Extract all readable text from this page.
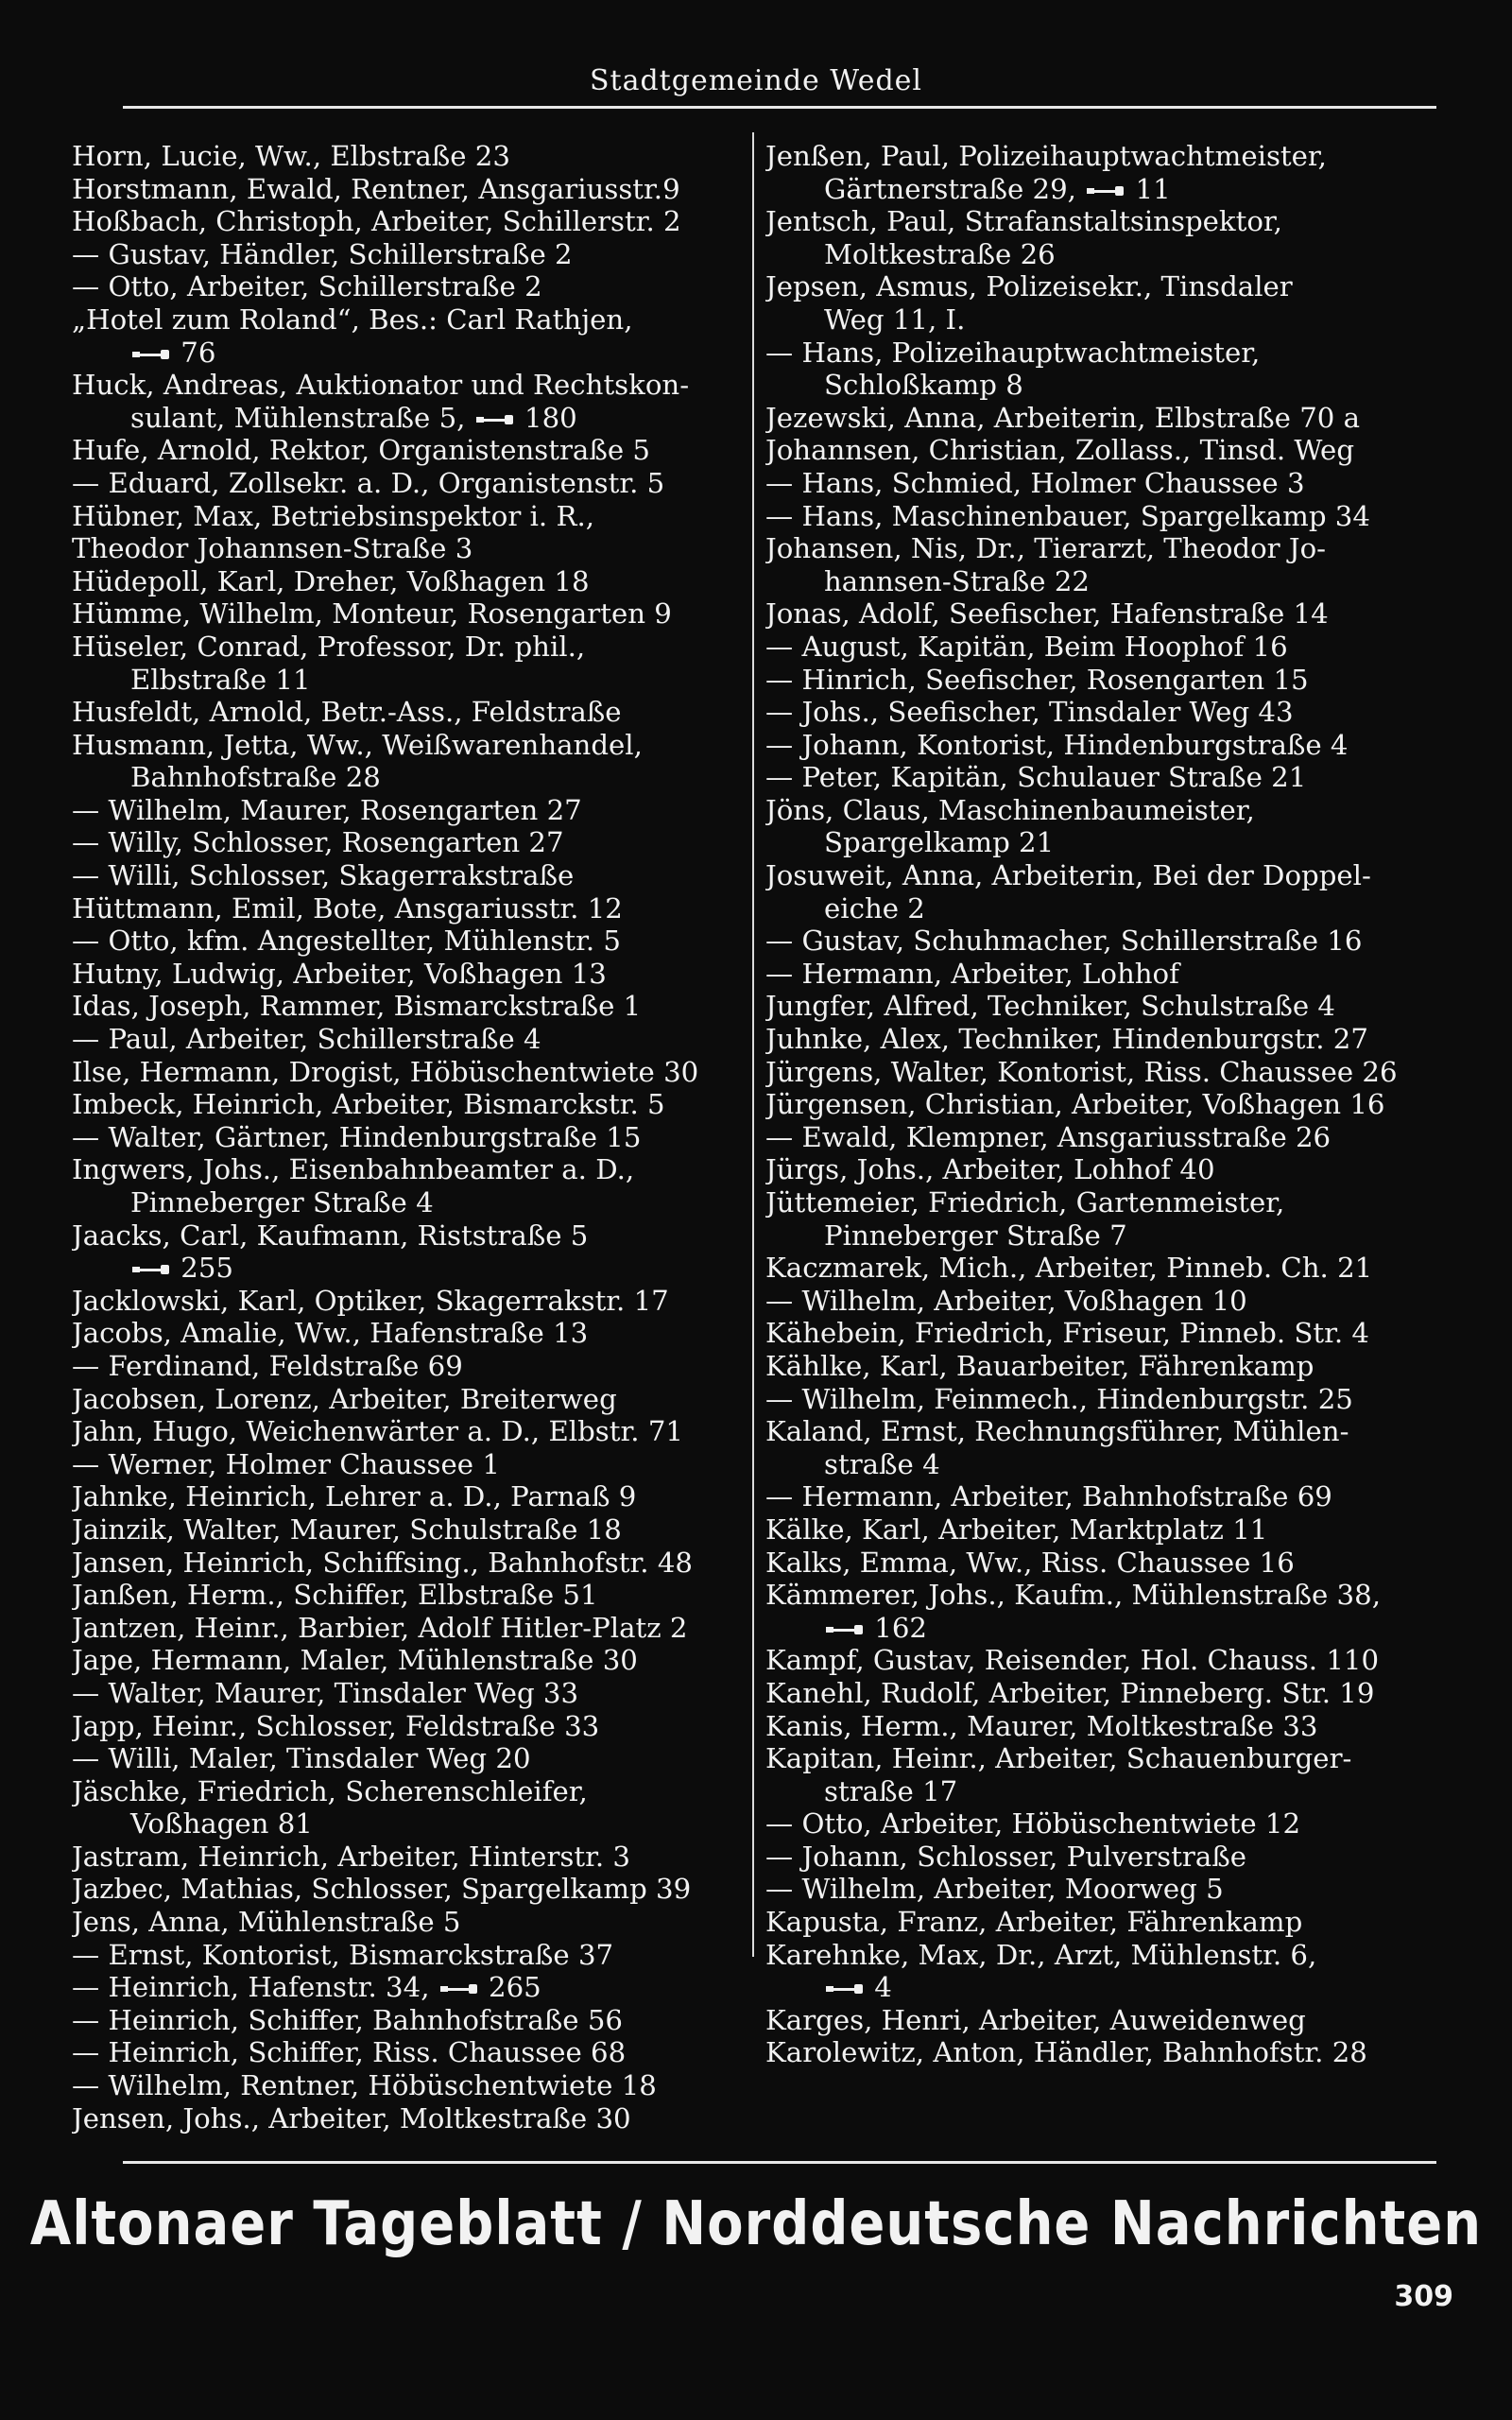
Stadtgemeinde Wedel
Horn, Lucie, Ww., Elbstraße 23
Horstmann, Ewald, Rentner, Ansgariusstr.9
Hoßbach, Christoph, Arbeiter, Schillerstr. 2
— Gustav, Händler, Schillerstraße 2
— Otto, Arbeiter, Schillerstraße 2
„Hotel zum Roland“, Bes.: Carl Rathjen,
76
Huck, Andreas, Auktionator und Rechtskon-
sulant, Mühlenstraße 5, 180
Hufe, Arnold, Rektor, Organistenstraße 5
— Eduard, Zollsekr. a. D., Organistenstr. 5
Hübner, Max, Betriebsinspektor i. R.,
Theodor Johannsen-Straße 3
Hüdepoll, Karl, Dreher, Voßhagen 18
Hümme, Wilhelm, Monteur, Rosengarten 9
Hüseler, Conrad, Professor, Dr. phil.,
Elbstraße 11
Husfeldt, Arnold, Betr.-Ass., Feldstraße
Husmann, Jetta, Ww., Weißwarenhandel,
Bahnhofstraße 28
— Wilhelm, Maurer, Rosengarten 27
— Willy, Schlosser, Rosengarten 27
— Willi, Schlosser, Skagerrakstraße
Hüttmann, Emil, Bote, Ansgariusstr. 12
— Otto, kfm. Angestellter, Mühlenstr. 5
Hutny, Ludwig, Arbeiter, Voßhagen 13
Idas, Joseph, Rammer, Bismarckstraße 1
— Paul, Arbeiter, Schillerstraße 4
Ilse, Hermann, Drogist, Höbüschentwiete 30
Imbeck, Heinrich, Arbeiter, Bismarckstr. 5
— Walter, Gärtner, Hindenburgstraße 15
Ingwers, Johs., Eisenbahnbeamter a. D.,
Pinneberger Straße 4
Jaacks, Carl, Kaufmann, Riststraße 5
255
Jacklowski, Karl, Optiker, Skagerrakstr. 17
Jacobs, Amalie, Ww., Hafenstraße 13
— Ferdinand, Feldstraße 69
Jacobsen, Lorenz, Arbeiter, Breiterweg
Jahn, Hugo, Weichenwärter a. D., Elbstr. 71
— Werner, Holmer Chaussee 1
Jahnke, Heinrich, Lehrer a. D., Parnaß 9
Jainzik, Walter, Maurer, Schulstraße 18
Jansen, Heinrich, Schiffsing., Bahnhofstr. 48
Janßen, Herm., Schiffer, Elbstraße 51
Jantzen, Heinr., Barbier, Adolf Hitler-Platz 2
Jape, Hermann, Maler, Mühlenstraße 30
— Walter, Maurer, Tinsdaler Weg 33
Japp, Heinr., Schlosser, Feldstraße 33
— Willi, Maler, Tinsdaler Weg 20
Jäschke, Friedrich, Scherenschleifer,
Voßhagen 81
Jastram, Heinrich, Arbeiter, Hinterstr. 3
Jazbec, Mathias, Schlosser, Spargelkamp 39
Jens, Anna, Mühlenstraße 5
— Ernst, Kontorist, Bismarckstraße 37
— Heinrich, Hafenstr. 34, 265
— Heinrich, Schiffer, Bahnhofstraße 56
— Heinrich, Schiffer, Riss. Chaussee 68
— Wilhelm, Rentner, Höbüschentwiete 18
Jensen, Johs., Arbeiter, Moltkestraße 30
Jenßen, Paul, Polizeihauptwachtmeister,
Gärtnerstraße 29, 11
Jentsch, Paul, Strafanstaltsinspektor,
Moltkestraße 26
Jepsen, Asmus, Polizeisekr., Tinsdaler
Weg 11, I.
— Hans, Polizeihauptwachtmeister,
Schloßkamp 8
Jezewski, Anna, Arbeiterin, Elbstraße 70 a
Johannsen, Christian, Zollass., Tinsd. Weg
— Hans, Schmied, Holmer Chaussee 3
— Hans, Maschinenbauer, Spargelkamp 34
Johansen, Nis, Dr., Tierarzt, Theodor Jo-
hannsen-Straße 22
Jonas, Adolf, Seefischer, Hafenstraße 14
— August, Kapitän, Beim Hoophof 16
— Hinrich, Seefischer, Rosengarten 15
— Johs., Seefischer, Tinsdaler Weg 43
— Johann, Kontorist, Hindenburgstraße 4
— Peter, Kapitän, Schulauer Straße 21
Jöns, Claus, Maschinenbaumeister,
Spargelkamp 21
Josuweit, Anna, Arbeiterin, Bei der Doppel-
eiche 2
— Gustav, Schuhmacher, Schillerstraße 16
— Hermann, Arbeiter, Lohhof
Jungfer, Alfred, Techniker, Schulstraße 4
Juhnke, Alex, Techniker, Hindenburgstr. 27
Jürgens, Walter, Kontorist, Riss. Chaussee 26
Jürgensen, Christian, Arbeiter, Voßhagen 16
— Ewald, Klempner, Ansgariusstraße 26
Jürgs, Johs., Arbeiter, Lohhof 40
Jüttemeier, Friedrich, Gartenmeister,
Pinneberger Straße 7
Kaczmarek, Mich., Arbeiter, Pinneb. Ch. 21
— Wilhelm, Arbeiter, Voßhagen 10
Kähebein, Friedrich, Friseur, Pinneb. Str. 4
Kählke, Karl, Bauarbeiter, Fährenkamp
— Wilhelm, Feinmech., Hindenburgstr. 25
Kaland, Ernst, Rechnungsführer, Mühlen-
straße 4
— Hermann, Arbeiter, Bahnhofstraße 69
Kälke, Karl, Arbeiter, Marktplatz 11
Kalks, Emma, Ww., Riss. Chaussee 16
Kämmerer, Johs., Kaufm., Mühlenstraße 38,
162
Kampf, Gustav, Reisender, Hol. Chauss. 110
Kanehl, Rudolf, Arbeiter, Pinneberg. Str. 19
Kanis, Herm., Maurer, Moltkestraße 33
Kapitan, Heinr., Arbeiter, Schauenburger-
straße 17
— Otto, Arbeiter, Höbüschentwiete 12
— Johann, Schlosser, Pulverstraße
— Wilhelm, Arbeiter, Moorweg 5
Kapusta, Franz, Arbeiter, Fährenkamp
Karehnke, Max, Dr., Arzt, Mühlenstr. 6,
4
Karges, Henri, Arbeiter, Auweidenweg
Karolewitz, Anton, Händler, Bahnhofstr. 28
Altonaer Tageblatt / Norddeutsche Nachrichten
309
